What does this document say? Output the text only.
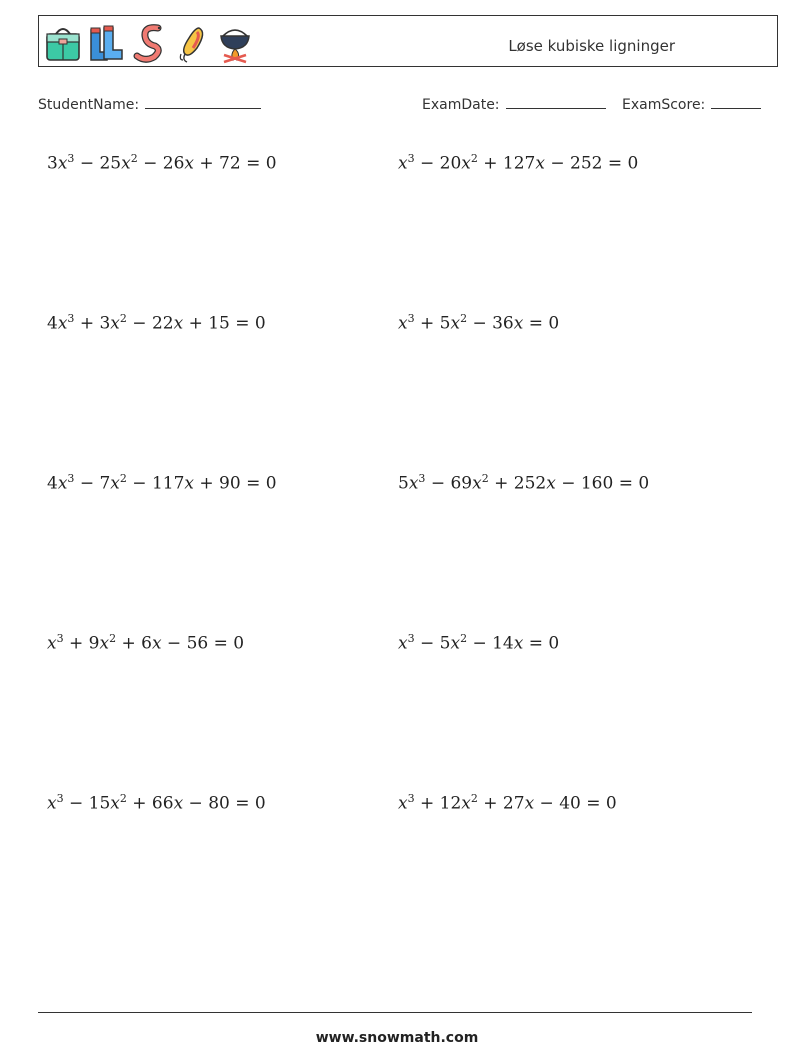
Løse kubiske ligninger
StudentName:	ExamDate:	ExamScore:
$3x^3 - 25x^2 - 26x + 72 = 0$	$x^3 - 20x^2 + 127x - 252 = 0$
$4x^3 + 3x^2 - 22x + 15 = 0$	$x^3 + 5x^2 - 36x = 0$
$4x^3 - 7x^2 - 117x + 90 = 0$	$5x^3 - 69x^2 + 252x - 160 = 0$
$x^3 + 9x^2 + 6x - 56 = 0$	$x^3 - 5x^2 - 14x = 0$
$x^3 - 15x^2 + 66x - 80 = 0$	$x^3 + 12x^2 + 27x - 40 = 0$
www.snowmath.com
